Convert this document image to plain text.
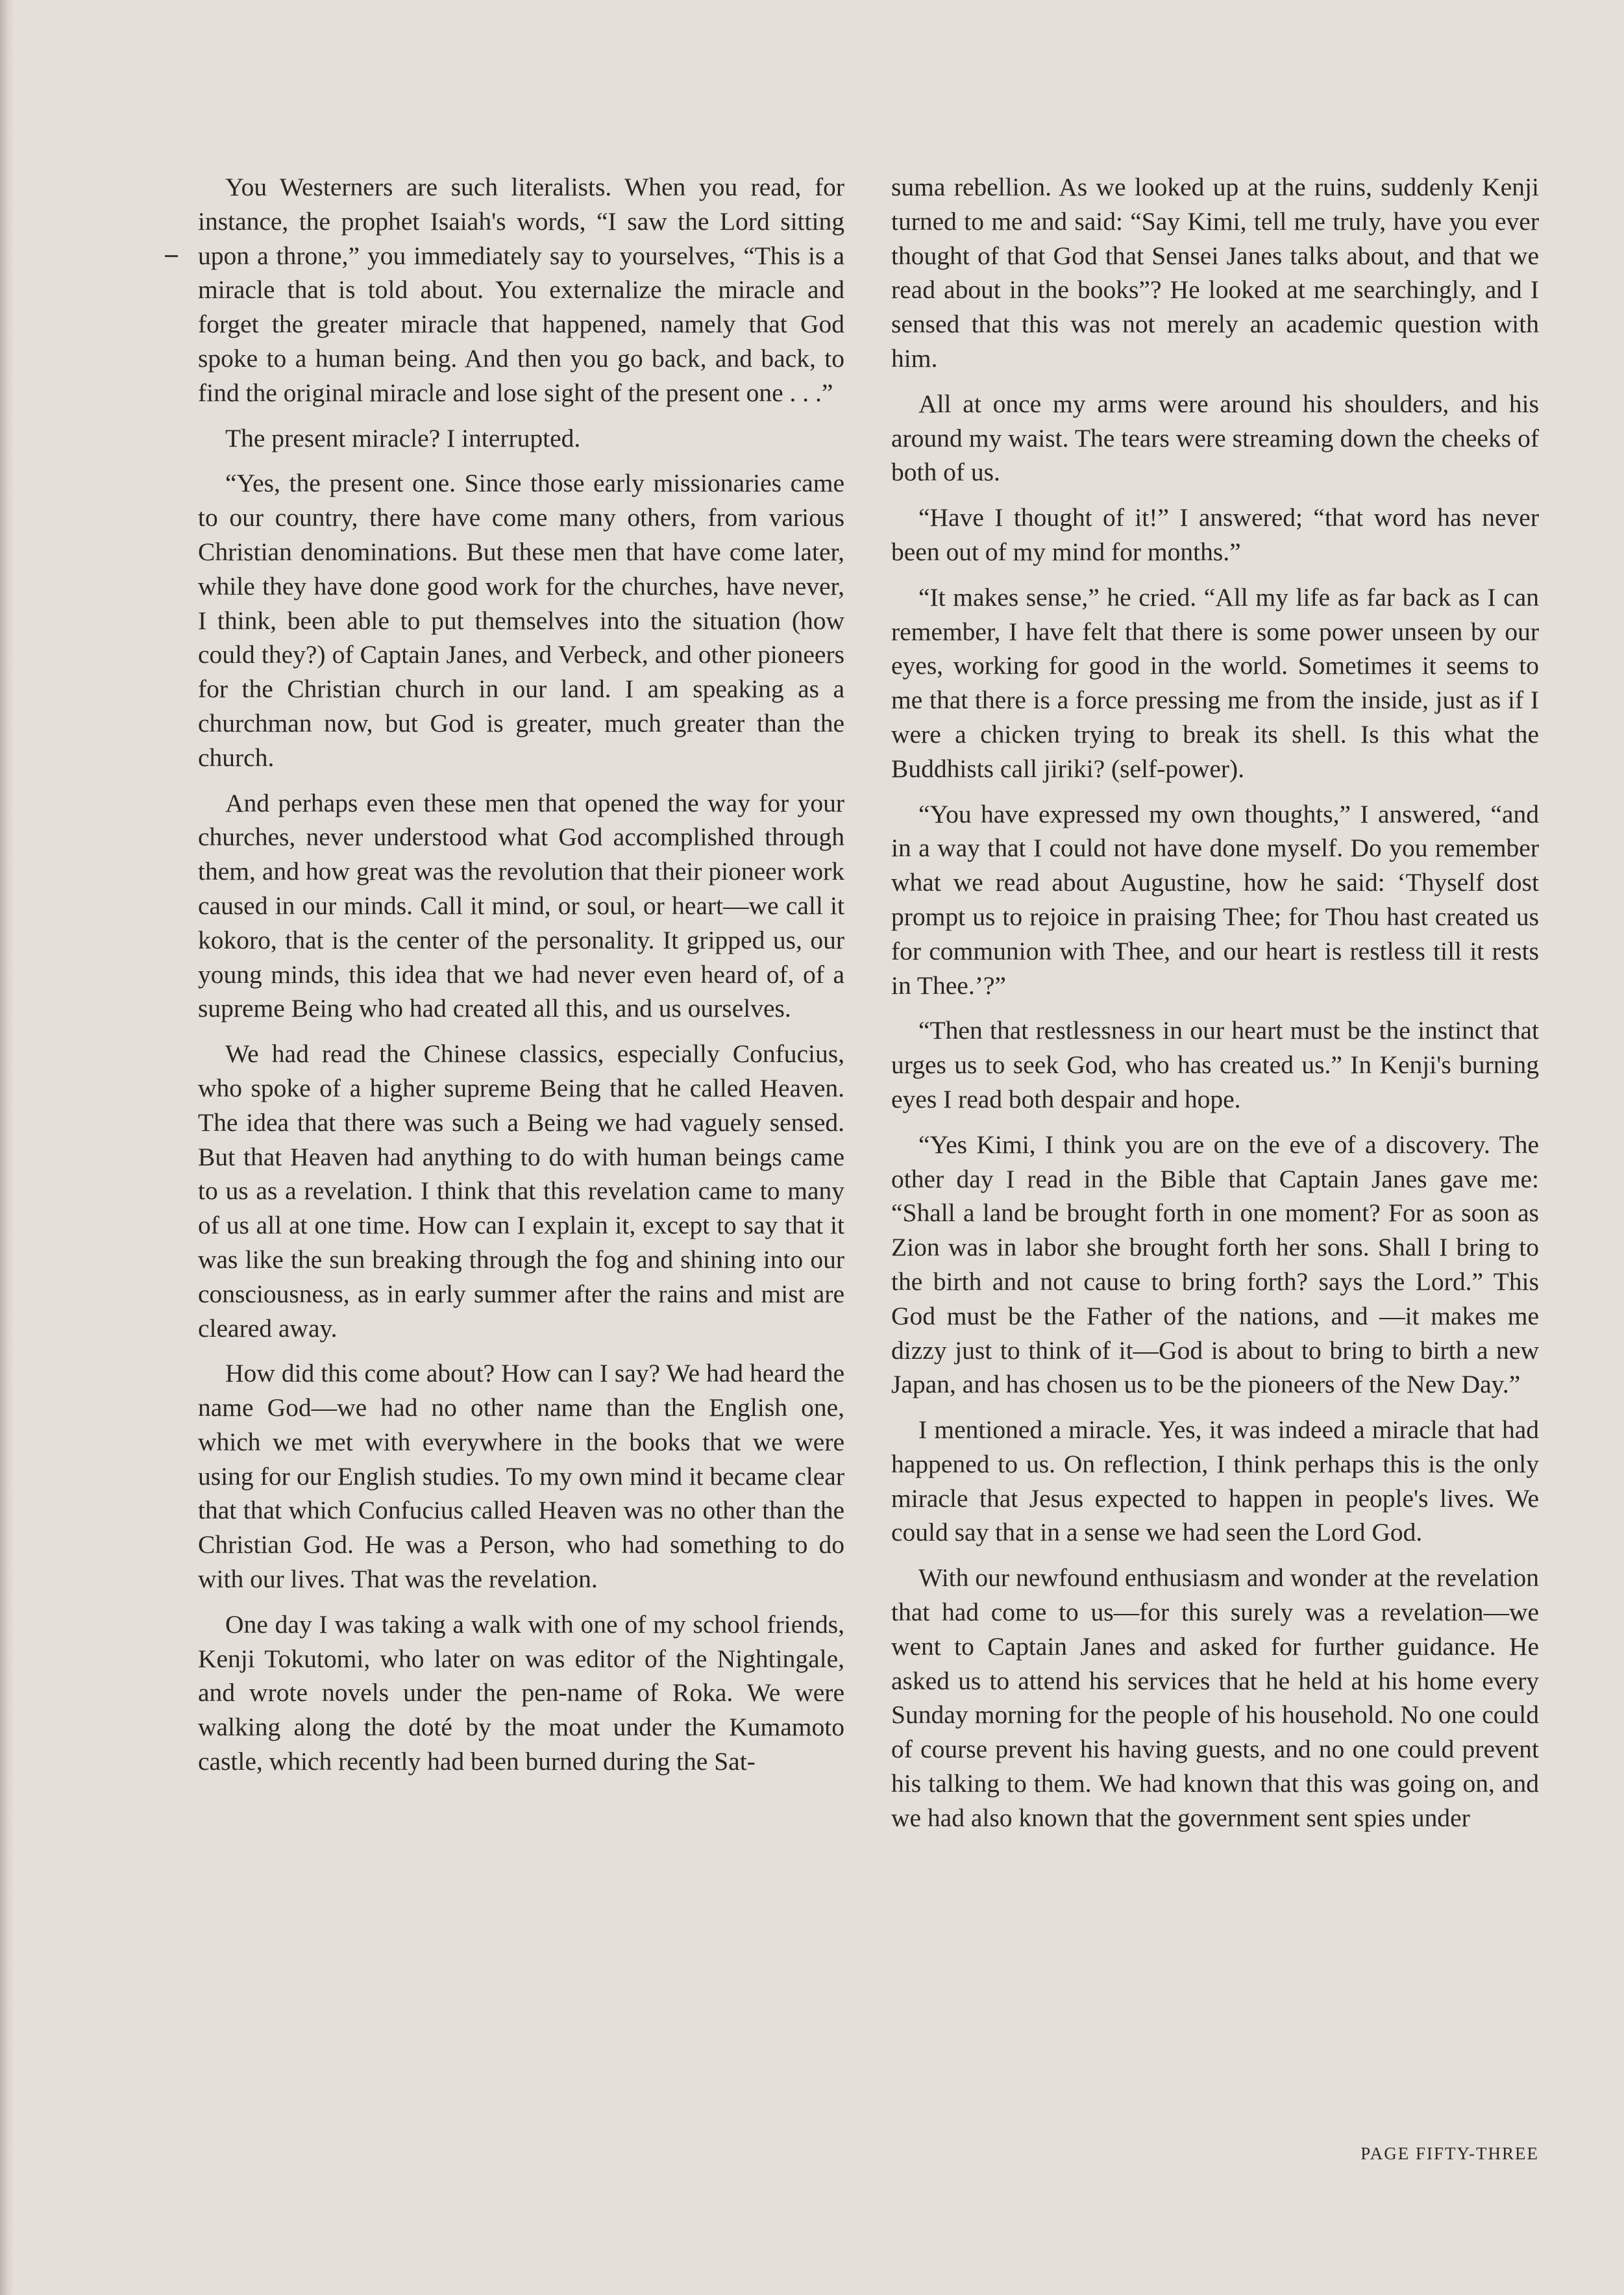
You Westerners are such literalists. When you read, for instance, the prophet Isaiah's words, “I saw the Lord sitting upon a throne,” you immediately say to yourselves, “This is a miracle that is told about. You externalize the miracle and forget the greater miracle that happened, namely that God spoke to a human being. And then you go back, and back, to find the original miracle and lose sight of the present one . . .”

The present miracle? I interrupted.

“Yes, the present one. Since those early missionaries came to our country, there have come many others, from various Christian denominations. But these men that have come later, while they have done good work for the churches, have never, I think, been able to put themselves into the situation (how could they?) of Captain Janes, and Verbeck, and other pioneers for the Christian church in our land. I am speaking as a churchman now, but God is greater, much greater than the church.

And perhaps even these men that opened the way for your churches, never understood what God accomplished through them, and how great was the revolution that their pioneer work caused in our minds. Call it mind, or soul, or heart—we call it kokoro, that is the center of the personality. It gripped us, our young minds, this idea that we had never even heard of, of a supreme Being who had created all this, and us ourselves.

We had read the Chinese classics, especially Confucius, who spoke of a higher supreme Being that he called Heaven. The idea that there was such a Being we had vaguely sensed. But that Heaven had anything to do with human beings came to us as a revelation. I think that this revelation came to many of us all at one time. How can I explain it, except to say that it was like the sun breaking through the fog and shining into our consciousness, as in early summer after the rains and mist are cleared away.

How did this come about? How can I say? We had heard the name God—we had no other name than the English one, which we met with everywhere in the books that we were using for our English studies. To my own mind it became clear that that which Confucius called Heaven was no other than the Christian God. He was a Person, who had something to do with our lives. That was the revelation.

One day I was taking a walk with one of my school friends, Kenji Tokutomi, who later on was editor of the Nightingale, and wrote novels under the pen-name of Roka. We were walking along the doté by the moat under the Kumamoto castle, which recently had been burned during the Sat-

suma rebellion. As we looked up at the ruins, suddenly Kenji turned to me and said: “Say Kimi, tell me truly, have you ever thought of that God that Sensei Janes talks about, and that we read about in the books”? He looked at me searchingly, and I sensed that this was not merely an academic question with him.

All at once my arms were around his shoulders, and his around my waist. The tears were streaming down the cheeks of both of us.

“Have I thought of it!” I answered; “that word has never been out of my mind for months.”

“It makes sense,” he cried. “All my life as far back as I can remember, I have felt that there is some power unseen by our eyes, working for good in the world. Sometimes it seems to me that there is a force pressing me from the inside, just as if I were a chicken trying to break its shell. Is this what the Buddhists call jiriki? (self-power).

“You have expressed my own thoughts,” I answered, “and in a way that I could not have done myself. Do you remember what we read about Augustine, how he said: ‘Thyself dost prompt us to rejoice in praising Thee; for Thou hast created us for communion with Thee, and our heart is restless till it rests in Thee.’?”

“Then that restlessness in our heart must be the instinct that urges us to seek God, who has created us.” In Kenji's burning eyes I read both despair and hope.

“Yes Kimi, I think you are on the eve of a discovery. The other day I read in the Bible that Captain Janes gave me: “Shall a land be brought forth in one moment? For as soon as Zion was in labor she brought forth her sons. Shall I bring to the birth and not cause to bring forth? says the Lord.” This God must be the Father of the nations, and —it makes me dizzy just to think of it—God is about to bring to birth a new Japan, and has chosen us to be the pioneers of the New Day.”

I mentioned a miracle. Yes, it was indeed a miracle that had happened to us. On reflection, I think perhaps this is the only miracle that Jesus expected to happen in people's lives. We could say that in a sense we had seen the Lord God.

With our newfound enthusiasm and wonder at the revelation that had come to us—for this surely was a revelation—we went to Captain Janes and asked for further guidance. He asked us to attend his services that he held at his home every Sunday morning for the people of his household. No one could of course prevent his having guests, and no one could prevent his talking to them. We had known that this was going on, and we had also known that the government sent spies under

PAGE FIFTY-THREE
